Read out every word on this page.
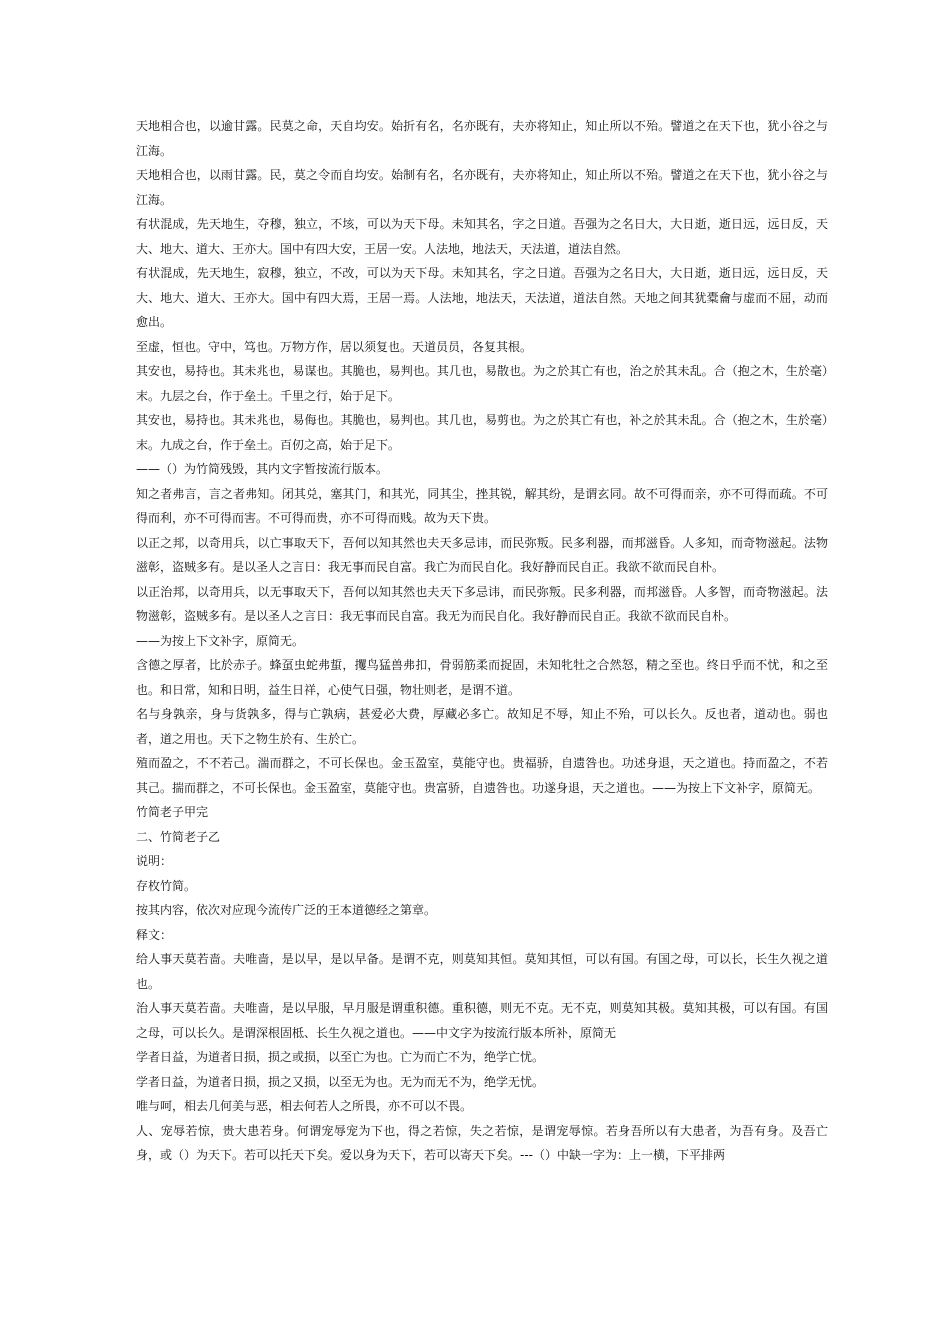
天地相合也，以逾甘露。民莫之命，天自均安。始折有名，名亦既有，夫亦将知止，知止所以不殆。譬道之在天下也，犹小谷之与江海。

天地相合也，以雨甘露。民，莫之令而自均安。始制有名，名亦既有，夫亦将知止，知止所以不殆。譬道之在天下也，犹小谷之与江海。

有状混成，先天地生，夺穆，独立，不垓，可以为天下母。未知其名，字之日道。吾强为之名日大，大日逝，逝日远，远日反，天大、地大、道大、王亦大。国中有四大安，王居一安。人法地，地法天，天法道，道法自然。

有状混成，先天地生，寂穆，独立，不改，可以为天下母。未知其名，字之日道。吾强为之名日大，大日逝，逝日远，远日反，天大、地大、道大、王亦大。国中有四大焉，王居一焉。人法地，地法天，天法道，道法自然。天地之间其犹橐龠与虚而不屈，动而愈出。

至虚，恒也。守中，笃也。万物方作，居以须复也。天道员员，各复其根。

其安也，易持也。其未兆也，易谋也。其脆也，易判也。其几也，易散也。为之於其亡有也，治之於其未乱。合（抱之木，生於毫）末。九层之台，作于垒土。千里之行，始于足下。

其安也，易持也。其未兆也，易侮也。其脆也，易判也。其几也，易剪也。为之於其亡有也，补之於其未乱。合（抱之木，生於毫）末。九成之台，作于垒土。百仞之高，始于足下。

——（）为竹简残毁，其内文字暂按流行版本。

知之者弗言，言之者弗知。闭其兑，塞其门，和其光，同其尘，挫其锐，解其纷，是谓玄同。故不可得而亲，亦不可得而疏。不可得而利，亦不可得而害。不可得而贵，亦不可得而贱。故为天下贵。

以正之邦，以奇用兵，以亡事取天下，吾何以知其然也夫天多忌讳，而民弥叛。民多利器，而邦滋昏。人多知，而奇物滋起。法物滋彰，盗贼多有。是以圣人之言日：我无事而民自富。我亡为而民自化。我好静而民自正。我欲不欲而民自朴。

以正治邦，以奇用兵，以无事取天下，吾何以知其然也夫天下多忌讳，而民弥叛。民多利器，而邦滋昏。人多智，而奇物滋起。法物滋彰，盗贼多有。是以圣人之言日：我无事而民自富。我无为而民自化。我好静而民自正。我欲不欲而民自朴。

——为按上下文补字，原简无。

含德之厚者，比於赤子。蜂虿虫蛇弗蜇，攫鸟猛兽弗扣，骨弱筋柔而捉固，未知牝牡之合然怒，精之至也。终日乎而不忧，和之至也。和日常，知和日明，益生日祥，心使气日强，物壮则老，是谓不道。

名与身孰亲，身与货孰多，得与亡孰病，甚爱必大费，厚藏必多亡。故知足不辱，知止不殆，可以长久。反也者，道动也。弱也者，道之用也。天下之物生於有、生於亡。

殖而盈之，不不若己。湍而群之，不可长保也。金玉盈室，莫能守也。贵福骄，自遗咎也。功述身退，天之道也。持而盈之，不若其己。揣而群之，不可长保也。金玉盈室，莫能守也。贵富骄，自遗咎也。功遂身退，天之道也。——为按上下文补字，原简无。

竹简老子甲完

二、竹简老子乙

说明：

存枚竹简。

按其内容，依次对应现今流传广泛的王本道德经之第章。

释文：

给人事天莫若啬。夫唯啬，是以早，是以早备。是谓不克，则莫知其恒。莫知其恒，可以有国。有国之母，可以长，长生久视之道也。

治人事天莫若啬。夫唯啬，是以早服，早月服是谓重积德。重积德，则无不克。无不克，则莫知其极。莫知其极，可以有国。有国之母，可以长久。是谓深根固柢、长生久视之道也。——中文字为按流行版本所补，原简无

学者日益，为道者日损，损之或损，以至亡为也。亡为而亡不为，绝学亡忧。

学者日益，为道者日损，损之又损，以至无为也。无为而无不为，绝学无忧。

唯与呵，相去几何美与恶，相去何若人之所畏，亦不可以不畏。

人、宠辱若惊，贵大患若身。何谓宠辱宠为下也，得之若惊，失之若惊，是谓宠辱惊。若身吾所以有大患者，为吾有身。及吾亡身，或（）为天下。若可以托天下矣。爱以身为天下，若可以寄天下矣。---（）中缺一字为：上一横，下平排两
